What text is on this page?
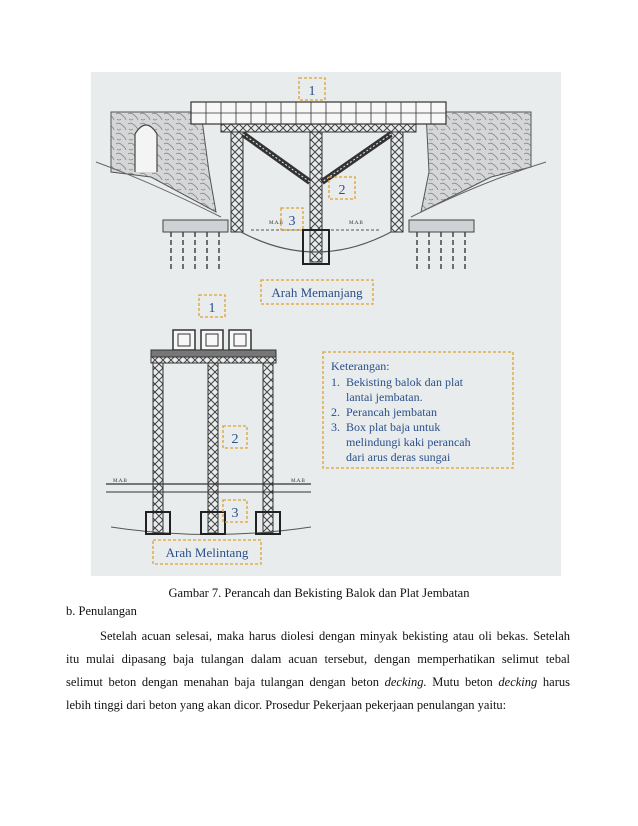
M.A.B	M.A.B
1
2
3
Arah Memanjang
1
M.A.B	M.A.B
2
3
Arah Melintang
Keterangan:
1.  Bekisting balok dan plat
lantai jembatan.
2.  Perancah jembatan
3.  Box plat baja untuk
melindungi kaki perancah
dari arus deras sungai
Gambar 7. Perancah dan Bekisting Balok dan Plat Jembatan
b. Penulangan
Setelah acuan selesai, maka harus diolesi dengan minyak bekisting atau oli bekas. Setelah
itu mulai dipasang baja tulangan dalam acuan tersebut, dengan memperhatikan selimut tebal
selimut beton dengan menahan baja tulangan dengan beton decking. Mutu beton decking harus
lebih tinggi dari beton yang akan dicor. Prosedur Pekerjaan pekerjaan penulangan yaitu:
